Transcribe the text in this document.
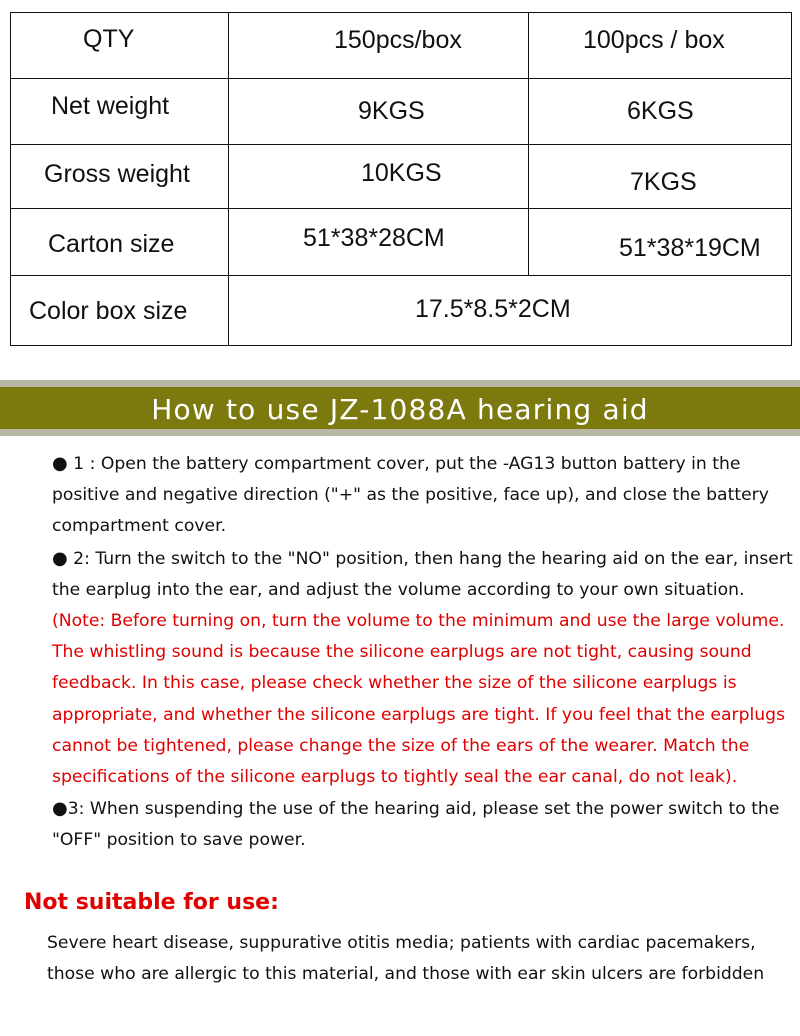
QTY	150pcs/box	100pcs / box

Net weight	9KGS	6KGS

Gross weight	10KGS	7KGS

Carton size	51*38*28CM	51*38*19CM

Color box size	17.5*8.5*2CM	
How to use JZ-1088A hearing aid

● 1 : Open the battery compartment cover, put the -AG13 button battery in the positive and negative direction ("+" as the positive, face up), and close the battery compartment cover.

● 2: Turn the switch to the "NO" position, then hang the hearing aid on the ear, insert the earplug into the ear, and adjust the volume according to your own situation. (Note: Before turning on, turn the volume to the minimum and use the large volume. The whistling sound is because the silicone earplugs are not tight, causing sound feedback. In this case, please check whether the size of the silicone earplugs is appropriate, and whether the silicone earplugs are tight. If you feel that the earplugs cannot be tightened, please change the size of the ears of the wearer. Match the specifications of the silicone earplugs to tightly seal the ear canal, do not leak).

●3: When suspending the use of the hearing aid, please set the power switch to the "OFF" position to save power.

Not suitable for use:

Severe heart disease, suppurative otitis media; patients with cardiac pacemakers, those who are allergic to this material, and those with ear skin ulcers are forbidden
